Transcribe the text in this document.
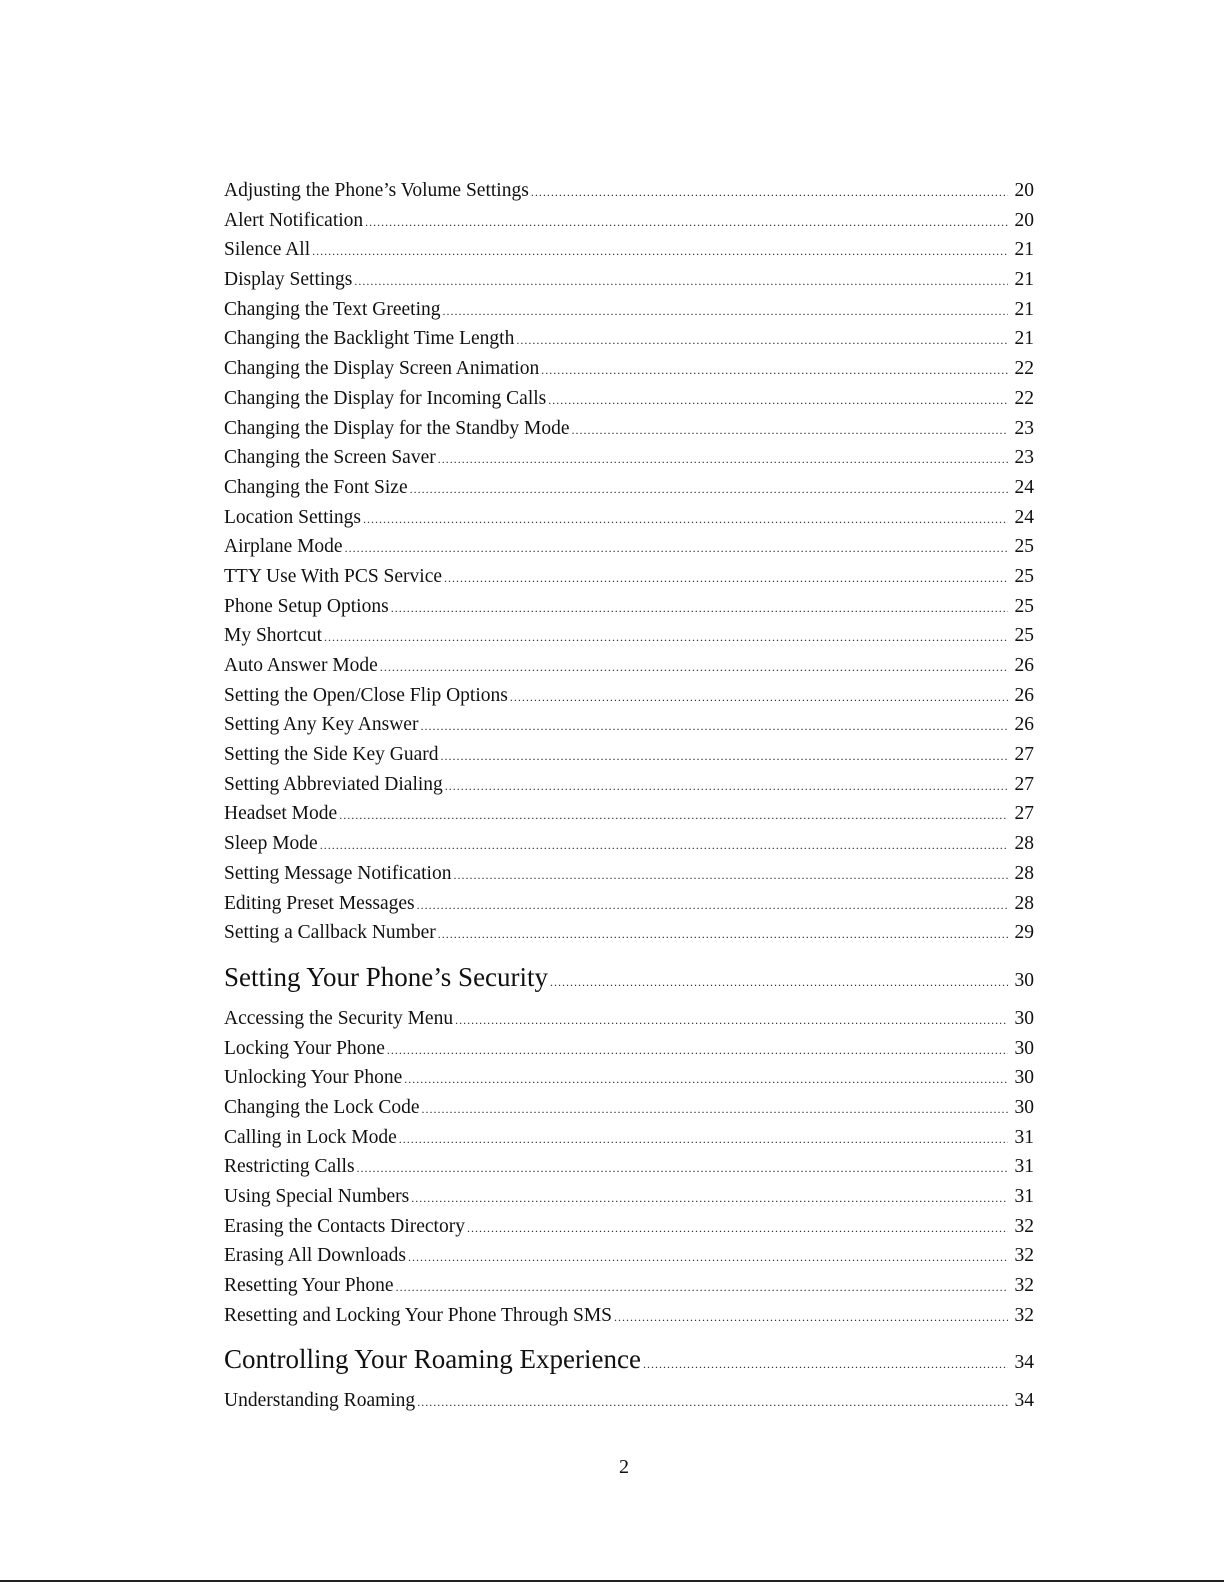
Adjusting the Phone’s Volume Settings .....	20
Alert Notification .....	20
Silence All .....	21
Display Settings .....	21
Changing the Text Greeting .....	21
Changing the Backlight Time Length .....	21
Changing the Display Screen Animation .....	22
Changing the Display for Incoming Calls .....	22
Changing the Display for the Standby Mode .....	23
Changing the Screen Saver .....	23
Changing the Font Size .....	24
Location Settings .....	24
Airplane Mode .....	25
TTY Use With PCS Service .....	25
Phone Setup Options .....	25
My Shortcut .....	25
Auto Answer Mode .....	26
Setting the Open/Close Flip Options .....	26
Setting Any Key Answer .....	26
Setting the Side Key Guard .....	27
Setting Abbreviated Dialing .....	27
Headset Mode .....	27
Sleep Mode .....	28
Setting Message Notification .....	28
Editing Preset Messages .....	28
Setting a Callback Number .....	29
Setting Your Phone’s Security .....	30
Accessing the Security Menu .....	30
Locking Your Phone .....	30
Unlocking Your Phone .....	30
Changing the Lock Code .....	30
Calling in Lock Mode .....	31
Restricting Calls .....	31
Using Special Numbers .....	31
Erasing the Contacts Directory .....	32
Erasing All Downloads .....	32
Resetting Your Phone .....	32
Resetting and Locking Your Phone Through SMS .....	32
Controlling Your Roaming Experience .....	34
Understanding Roaming .....	34
2
